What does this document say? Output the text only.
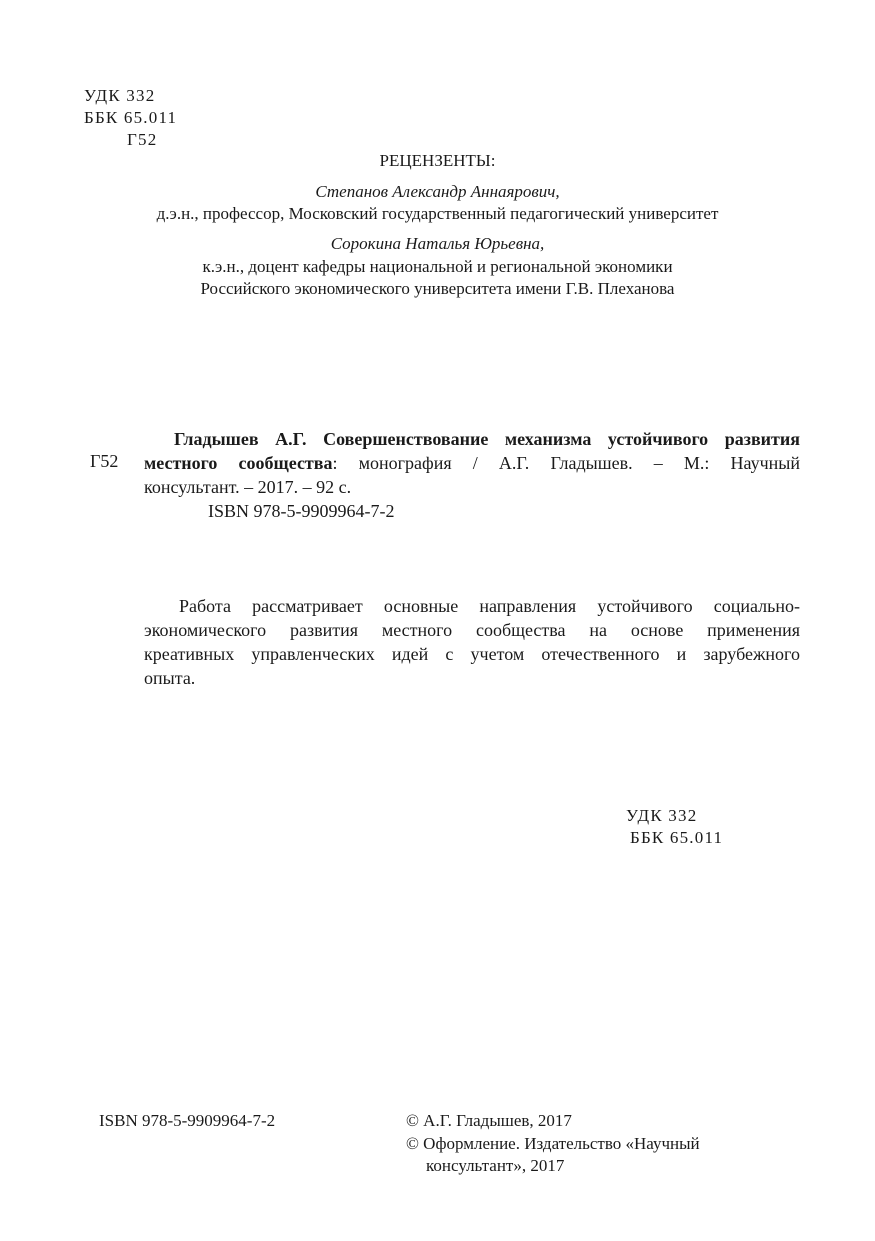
УДК 332
ББК 65.011
Г52
РЕЦЕНЗЕНТЫ:
Степанов Александр Аннаярович,
д.э.н., профессор, Московский государственный педагогический университет
Сорокина Наталья Юрьевна,
к.э.н., доцент кафедры национальной и региональной экономики
Российского экономического университета имени Г.В. Плеханова
Г52
Гладышев А.Г. Совершенствование механизма устойчивого развития
местного сообщества: монография / А.Г. Гладышев. – М.: Научный
консультант. – 2017. – 92 с.
ISBN 978-5-9909964-7-2
Работа рассматривает основные направления устойчивого социально-
экономического развития местного сообщества на основе применения
креативных управленческих идей с учетом отечественного и зарубежного
опыта.
УДК 332
ББК 65.011
ISBN 978-5-9909964-7-2	© А.Г. Гладышев, 2017
© Оформление. Издательство «Научный
консультант», 2017
